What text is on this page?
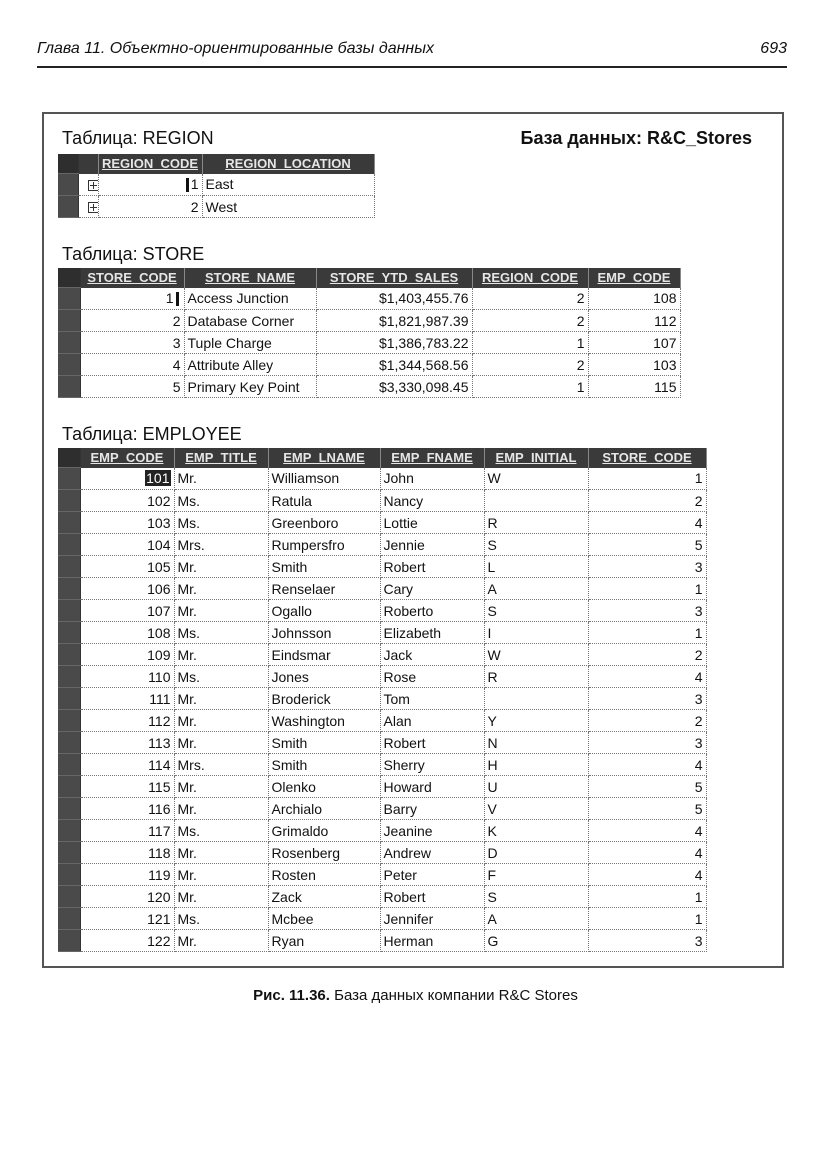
Глава 11. Объектно-ориентированные базы данных	693
Таблица: REGION	База данных: R&C_Stores
		REGION_CODE	REGION_LOCATION
		1	East
		2	West
Таблица: STORE
	STORE_CODE	STORE_NAME	STORE_YTD_SALES	REGION_CODE	EMP_CODE
	1	Access Junction	$1,403,455.76	2	108
	2	Database Corner	$1,821,987.39	2	112
	3	Tuple Charge	$1,386,783.22	1	107
	4	Attribute Alley	$1,344,568.56	2	103
	5	Primary Key Point	$3,330,098.45	1	115
Таблица: EMPLOYEE
	EMP_CODE	EMP_TITLE	EMP_LNAME	EMP_FNAME	EMP_INITIAL	STORE_CODE
	101	Mr.	Williamson	John	W	1
	102	Ms.	Ratula	Nancy		2
	103	Ms.	Greenboro	Lottie	R	4
	104	Mrs.	Rumpersfro	Jennie	S	5
	105	Mr.	Smith	Robert	L	3
	106	Mr.	Renselaer	Cary	A	1
	107	Mr.	Ogallo	Roberto	S	3
	108	Ms.	Johnsson	Elizabeth	I	1
	109	Mr.	Eindsmar	Jack	W	2
	110	Ms.	Jones	Rose	R	4
	111	Mr.	Broderick	Tom		3
	112	Mr.	Washington	Alan	Y	2
	113	Mr.	Smith	Robert	N	3
	114	Mrs.	Smith	Sherry	H	4
	115	Mr.	Olenko	Howard	U	5
	116	Mr.	Archialo	Barry	V	5
	117	Ms.	Grimaldo	Jeanine	K	4
	118	Mr.	Rosenberg	Andrew	D	4
	119	Mr.	Rosten	Peter	F	4
	120	Mr.	Zack	Robert	S	1
	121	Ms.	Mcbee	Jennifer	A	1
	122	Mr.	Ryan	Herman	G	3
Рис. 11.36. База данных компании R&C Stores
